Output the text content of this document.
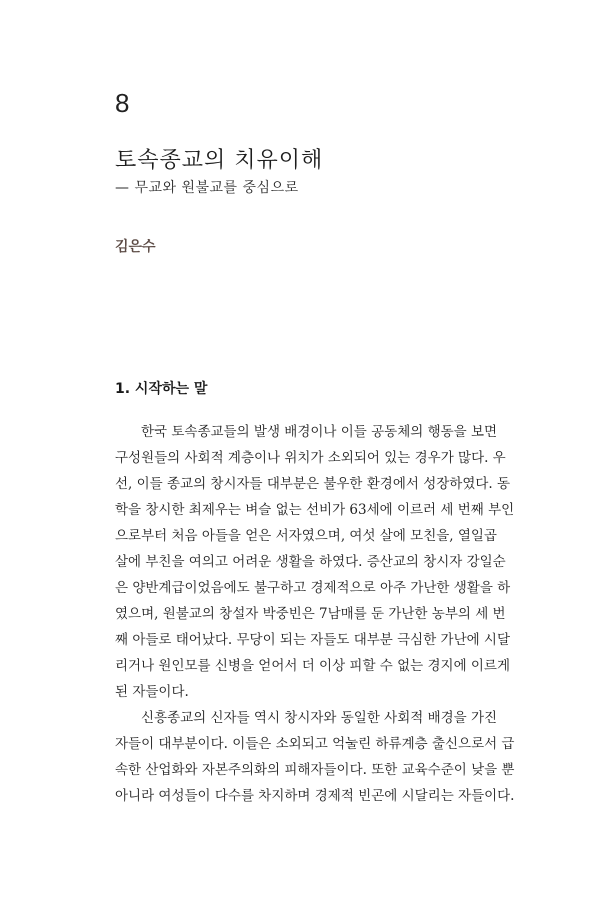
8
토속종교의 치유이해
— 무교와 원불교를 중심으로
김은수
1. 시작하는 말
한국 토속종교들의 발생 배경이나 이들 공동체의 행동을 보면
구성원들의 사회적 계층이나 위치가 소외되어 있는 경우가 많다. 우
선, 이들 종교의 창시자들 대부분은 불우한 환경에서 성장하였다. 동
학을 창시한 최제우는 벼슬 없는 선비가 63세에 이르러 세 번째 부인
으로부터 처음 아들을 얻은 서자였으며, 여섯 살에 모친을, 열일곱
살에 부친을 여의고 어려운 생활을 하였다. 증산교의 창시자 강일순
은 양반계급이었음에도 불구하고 경제적으로 아주 가난한 생활을 하
였으며, 원불교의 창설자 박중빈은 7남매를 둔 가난한 농부의 세 번
째 아들로 태어났다. 무당이 되는 자들도 대부분 극심한 가난에 시달
리거나 원인모를 신병을 얻어서 더 이상 피할 수 없는 경지에 이르게
된 자들이다.
신흥종교의 신자들 역시 창시자와 동일한 사회적 배경을 가진
자들이 대부분이다. 이들은 소외되고 억눌린 하류계층 출신으로서 급
속한 산업화와 자본주의화의 피해자들이다. 또한 교육수준이 낮을 뿐
아니라 여성들이 다수를 차지하며 경제적 빈곤에 시달리는 자들이다.
